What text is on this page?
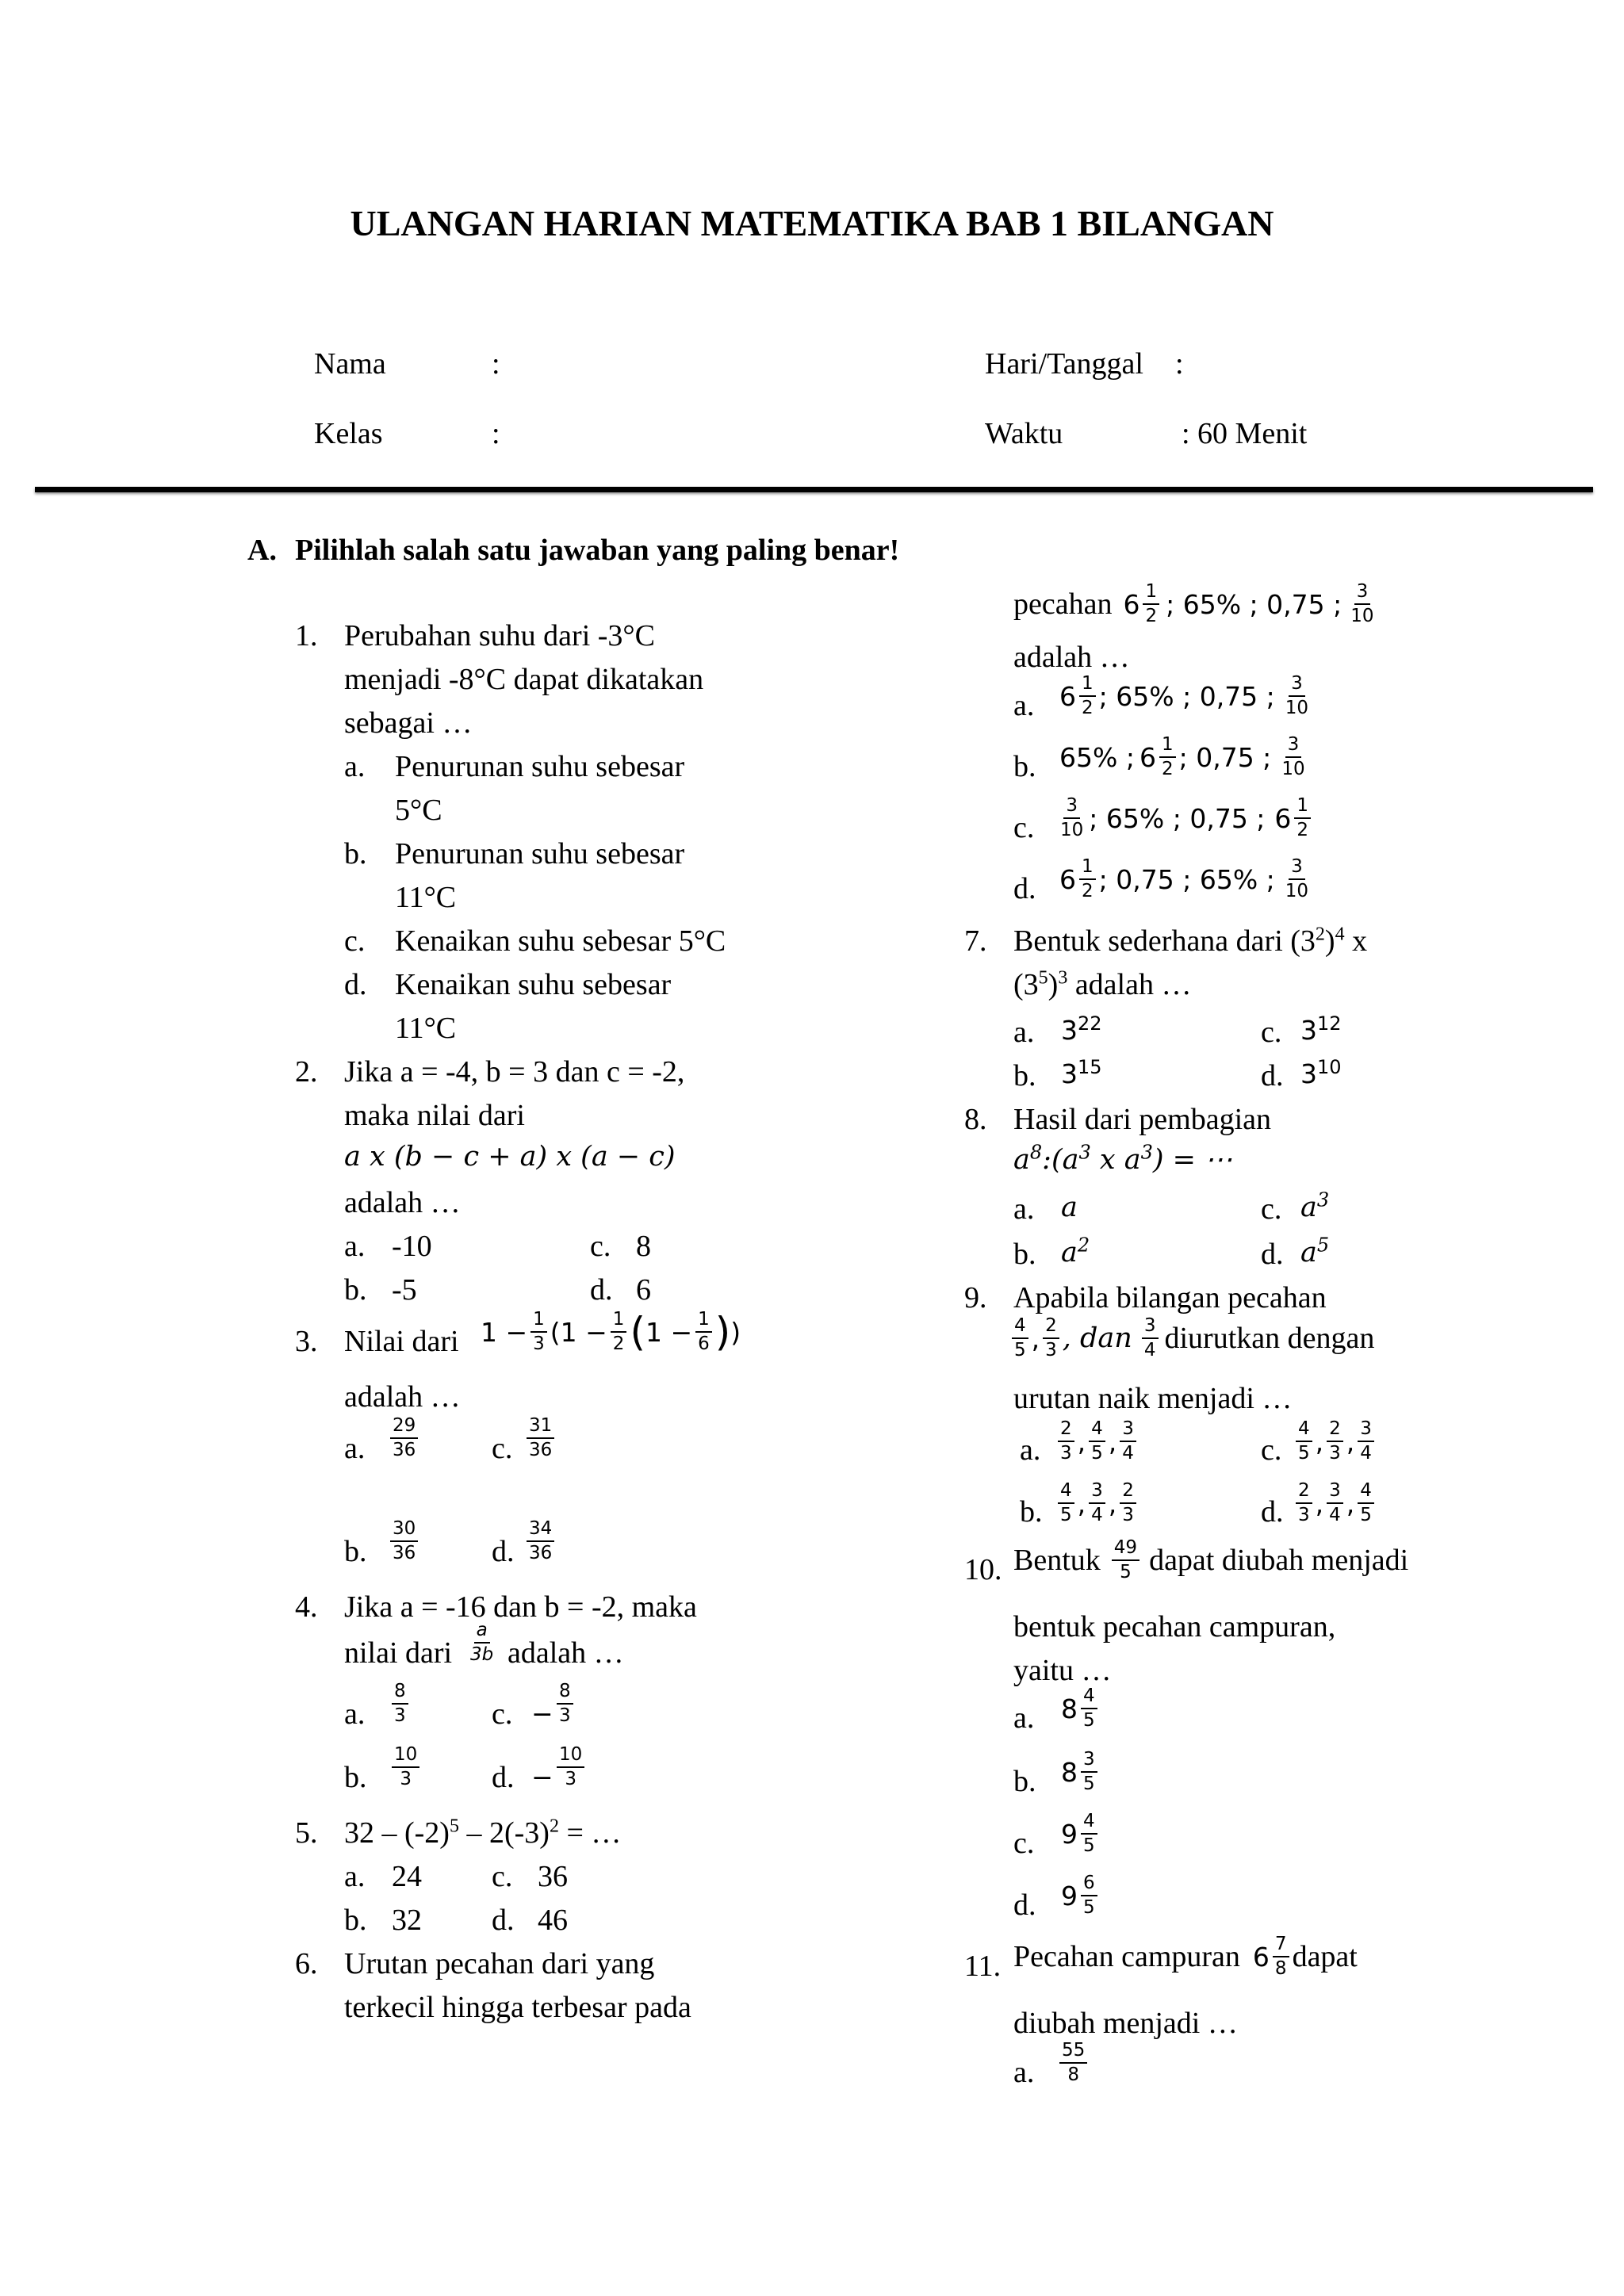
ULANGAN HARIAN MATEMATIKA BAB 1 BILANGAN
Nama	:
Kelas	:
Hari/Tanggal :
Waktu	: 60 Menit
A. Pilihlah salah satu jawaban yang paling benar!
1. Perubahan suhu dari -3°C
menjadi -8°C dapat dikatakan
sebagai …
a. Penurunan suhu sebesar
5°C
b. Penurunan suhu sebesar
11°C
c. Kenaikan suhu sebesar 5°C
d. Kenaikan suhu sebesar
11°C
2. Jika a = -4, b = 3 dan c = -2,
maka nilai dari
a x (b − c + a) x (a − c)
adalah …
a. -10	c. 8
b. -5	d. 6
3. Nilai dari $1 - \frac{1}{3} (1 - \frac{1}{2}$ ( $1 - \frac{1}{6}$ ) )
adalah …
a. $\frac{29}{36} c$. $\frac{31}{36}$
b. $\frac{30}{36} d$. $\frac{34}{36}$
4. Jika a = -16 dan b = -2, maka
nilai dari $\frac{a}{3b}$ adalah …
a. $\frac{8}{3}$	c. − $\frac{8}{3}$
b. $\frac{10}{3} d$. − $\frac{10}{3}$
5. $32 - (-2)^5 - 2(-3)^2$ = …
a. 24 c. 36
b. 32 d. 46
6. Urutan pecahan dari yang
terkecil hingga terbesar pada
pecahan $6 \frac{1}{2}$ ; 65% ; 0,75 ; $\frac{3}{10}$
adalah …
a. $6 \frac{1}{2}$ ; 65% ; 0,75 ; $\frac{3}{10}$
b. 65% ; $6 \frac{1}{2}$ ; 0,75 ; $\frac{3}{10}$
c. $\frac{3}{10}$ ; 65% ; 0,75 ; $6 \frac{1}{2}$
d. $6 \frac{1}{2}$ ; 0,75 ; 65% ; $\frac{3}{10}$
7. Bentuk sederhana dari $(3^2)^4$ x
$(3^5)^3$ adalah …
a. $3^{22}$	c. $3^{12}$
b. $3^{15}$	d. $3^{10}$
8. Hasil dari pembagian
$a^8:(a^3$ x $a^3$) = ⋯
a. a	c. $a^3$
b. $a^2$	d. $a^5$
9. Apabila bilangan pecahan
$\frac{4}{5}$ , $\frac{2}{3}$ , dan $\frac{3}{4}$ diurutkan dengan
urutan naik menjadi …
a. $\frac{2}{3}$ , $\frac{4}{5}$ , $\frac{3}{4}$	c. $\frac{4}{5}$ , $\frac{2}{3}$ , $\frac{3}{4}$
b. $\frac{4}{5}$ , $\frac{3}{4}$ , $\frac{2}{3}$	d. $\frac{2}{3}$ , $\frac{3}{4}$ , $\frac{4}{5}$
10. Bentuk $\frac{49}{5}$ dapat diubah menjadi
bentuk pecahan campuran,
yaitu …
a. $8 \frac{4}{5}$
b. $8 \frac{3}{5}$
c. $9 \frac{4}{5}$
d. $9 \frac{6}{5}$
11. Pecahan campuran $6 \frac{7}{8}$ dapat
diubah menjadi …
a. $\frac{55}{8}$
